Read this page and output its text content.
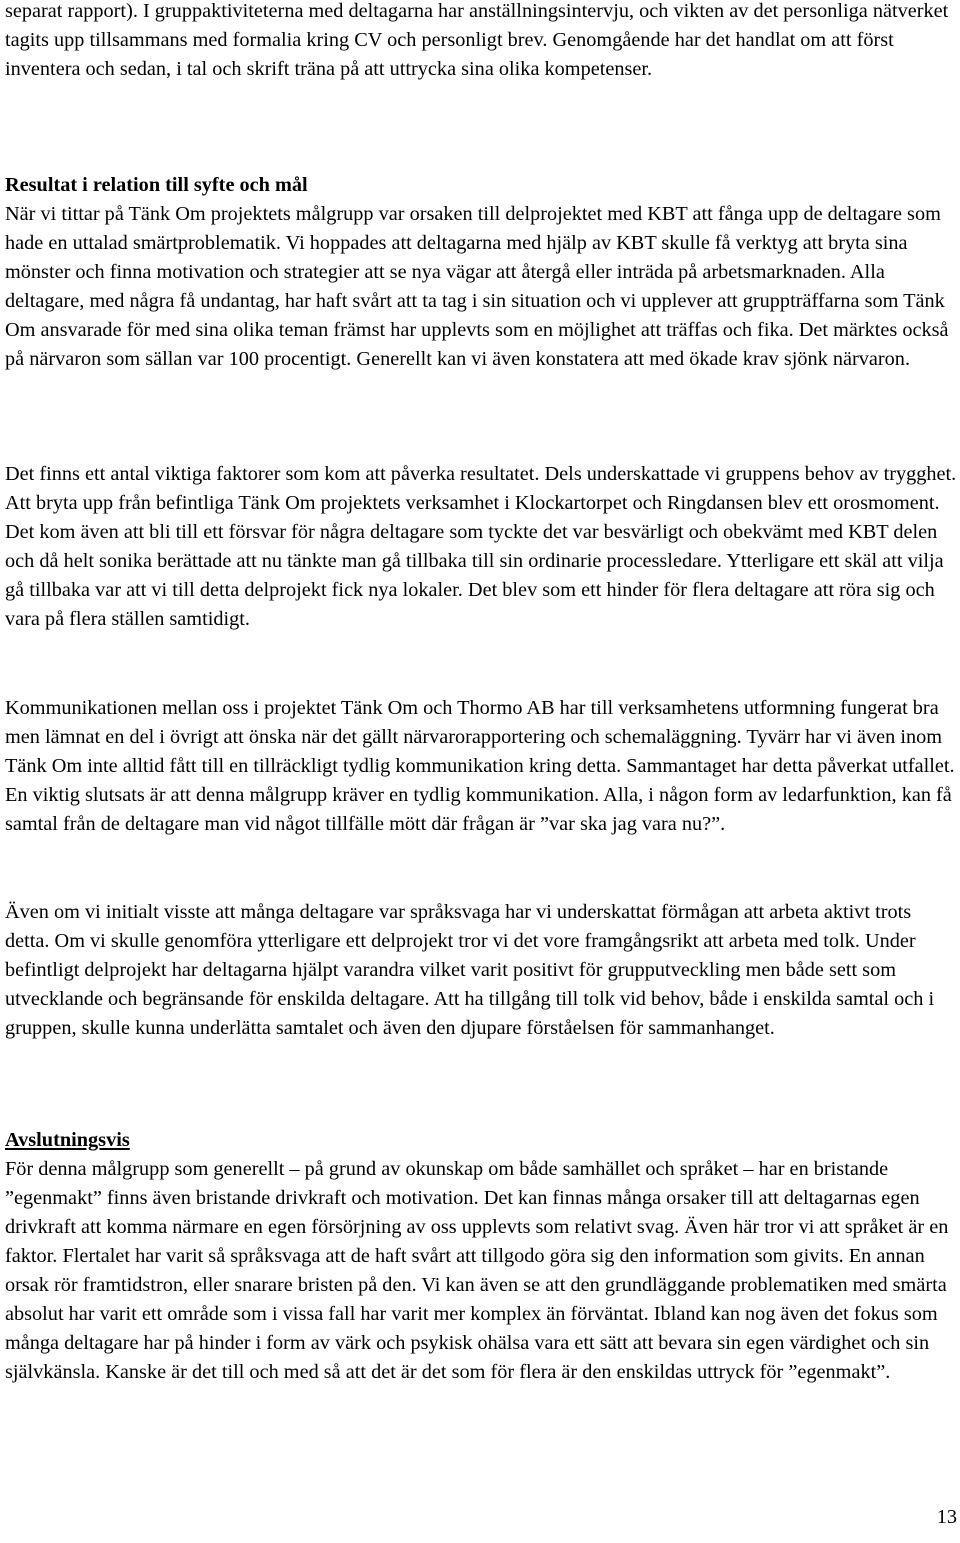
separat rapport). I gruppaktiviteterna med deltagarna har anställningsintervju, och vikten av det personliga nätverket tagits upp tillsammans med formalia kring CV och personligt brev. Genomgående har det handlat om att först inventera och sedan, i tal och skrift träna på att uttrycka sina olika kompetenser.

Resultat i relation till syfte och mål

När vi tittar på Tänk Om projektets målgrupp var orsaken till delprojektet med KBT att fånga upp de deltagare som hade en uttalad smärtproblematik. Vi hoppades att deltagarna med hjälp av KBT skulle få verktyg att bryta sina mönster och finna motivation och strategier att se nya vägar att återgå eller inträda på arbetsmarknaden. Alla deltagare, med några få undantag, har haft svårt att ta tag i sin situation och vi upplever att gruppträffarna som Tänk Om ansvarade för med sina olika teman främst har upplevts som en möjlighet att träffas och fika. Det märktes också på närvaron som sällan var 100 procentigt. Generellt kan vi även konstatera att med ökade krav sjönk närvaron.

Det finns ett antal viktiga faktorer som kom att påverka resultatet. Dels underskattade vi gruppens behov av trygghet. Att bryta upp från befintliga Tänk Om projektets verksamhet i Klockartorpet och Ringdansen blev ett orosmoment. Det kom även att bli till ett försvar för några deltagare som tyckte det var besvärligt och obekvämt med KBT delen och då helt sonika berättade att nu tänkte man gå tillbaka till sin ordinarie processledare. Ytterligare ett skäl att vilja gå tillbaka var att vi till detta delprojekt fick nya lokaler. Det blev som ett hinder för flera deltagare att röra sig och vara på flera ställen samtidigt.

Kommunikationen mellan oss i projektet Tänk Om och Thormo AB har till verksamhetens utformning fungerat bra men lämnat en del i övrigt att önska när det gällt närvarorapportering och schemaläggning. Tyvärr har vi även inom Tänk Om inte alltid fått till en tillräckligt tydlig kommunikation kring detta. Sammantaget har detta påverkat utfallet. En viktig slutsats är att denna målgrupp kräver en tydlig kommunikation. Alla, i någon form av ledarfunktion, kan få samtal från de deltagare man vid något tillfälle mött där frågan är ”var ska jag vara nu?”.

Även om vi initialt visste att många deltagare var språksvaga har vi underskattat förmågan att arbeta aktivt trots detta. Om vi skulle genomföra ytterligare ett delprojekt tror vi det vore framgångsrikt att arbeta med tolk. Under befintligt delprojekt har deltagarna hjälpt varandra vilket varit positivt för grupputveckling men både sett som utvecklande och begränsande för enskilda deltagare. Att ha tillgång till tolk vid behov, både i enskilda samtal och i gruppen, skulle kunna underlätta samtalet och även den djupare förståelsen för sammanhanget.

Avslutningsvis

För denna målgrupp som generellt – på grund av okunskap om både samhället och språket – har en bristande ”egenmakt” finns även bristande drivkraft och motivation. Det kan finnas många orsaker till att deltagarnas egen drivkraft att komma närmare en egen försörjning av oss upplevts som relativt svag. Även här tror vi att språket är en faktor. Flertalet har varit så språksvaga att de haft svårt att tillgodo göra sig den information som givits. En annan orsak rör framtidstron, eller snarare bristen på den. Vi kan även se att den grundläggande problematiken med smärta absolut har varit ett område som i vissa fall har varit mer komplex än förväntat. Ibland kan nog även det fokus som många deltagare har på hinder i form av värk och psykisk ohälsa vara ett sätt att bevara sin egen värdighet och sin självkänsla. Kanske är det till och med så att det är det som för flera är den enskildas uttryck för ”egenmakt”.

13
